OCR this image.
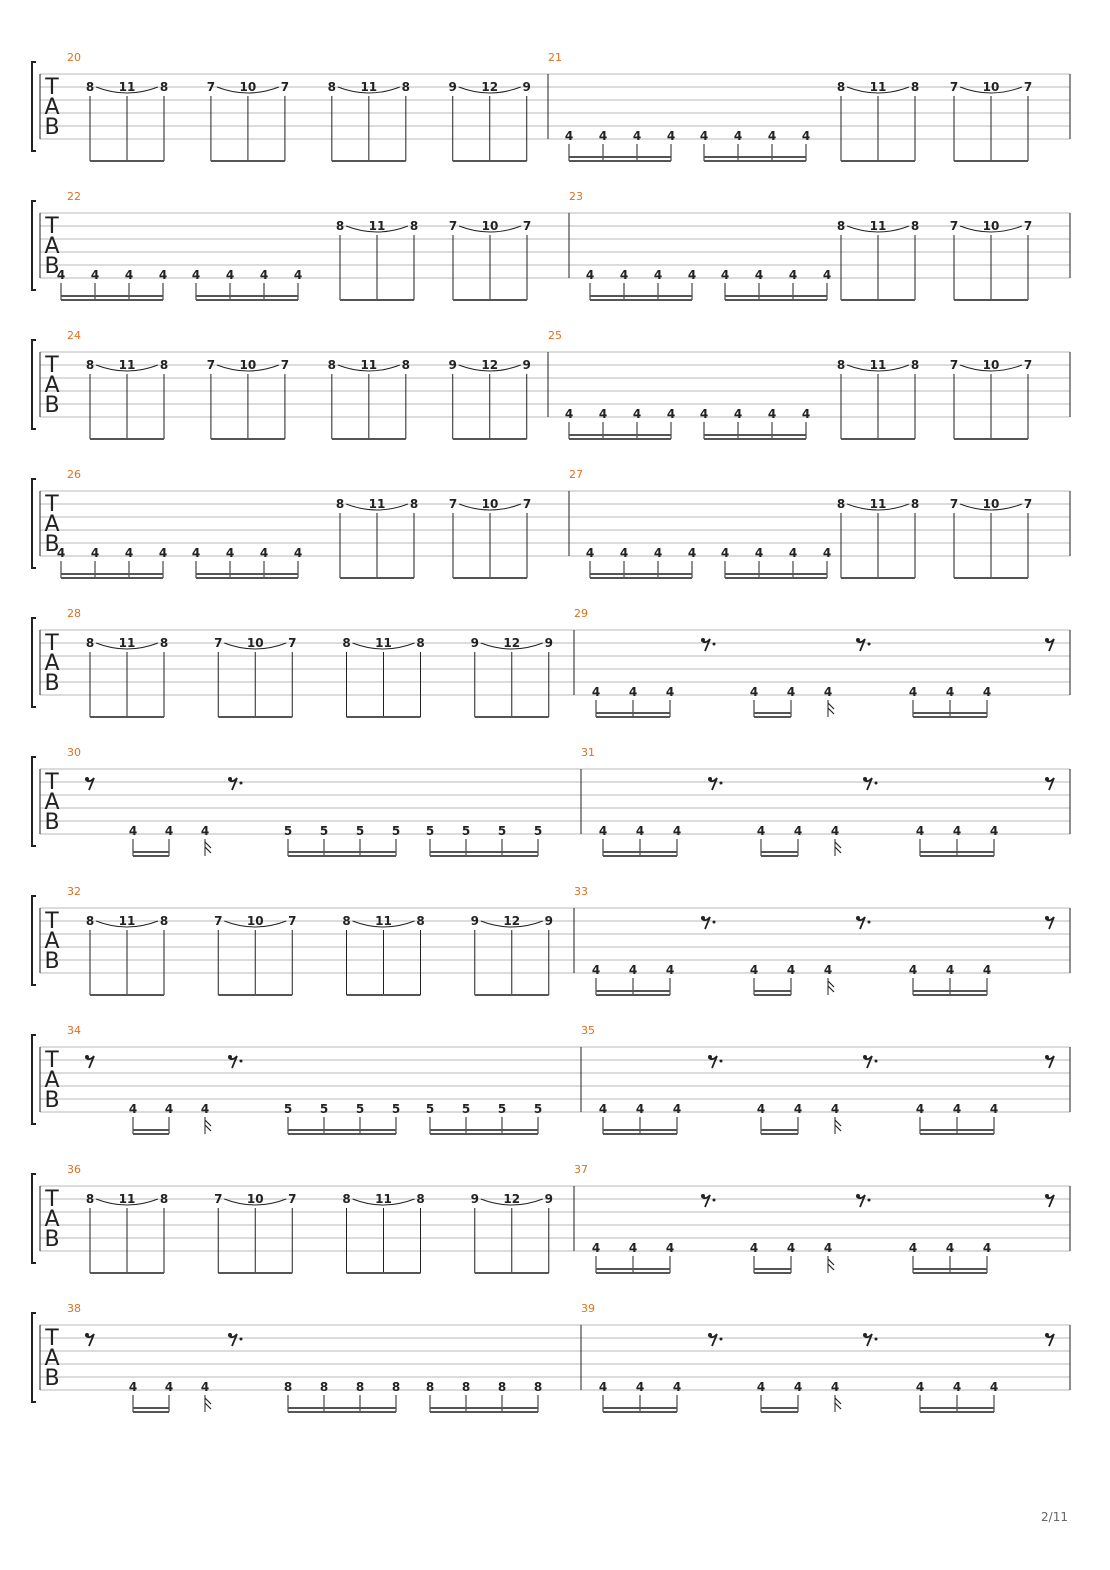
T
A
B
20	21
8 11 8	7 10 7	8 11 8	9 12 9
4 4 4 4 4 4 4 4
8 11 8	7 10 7
T
A
B
22	23
4 4 4 4 4 4 4 4
8 11 8	7 10 7
4 4 4 4 4 4 4 4
8 11 8	7 10 7
T
A
B
24	25
8 11 8	7 10 7	8 11 8	9 12 9
4 4 4 4 4 4 4 4
8 11 8	7 10 7
T
A
B
26	27
4 4 4 4 4 4 4 4
8 11 8	7 10 7
4 4 4 4 4 4 4 4
8 11 8	7 10 7
T
A
B
28	29
8 11 8	7 10 7	8 11 8	9 12 9
4 4 4	4 4 4	4 4 4
T
A
B
30	31
4 4 4	5 5 5 5 5 5 5 5	4 4 4	4 4 4	4 4 4
T
A
B
32	33
8 11 8	7 10 7	8 11 8	9 12 9
4 4 4	4 4 4	4 4 4
T
A
B
34	35
4 4 4	5 5 5 5 5 5 5 5	4 4 4	4 4 4	4 4 4
T
A
B
36	37
8 11 8	7 10 7	8 11 8	9 12 9
4 4 4	4 4 4	4 4 4
T
A
B
38	39
4 4 4	8 8 8 8 8 8 8 8	4 4 4	4 4 4	4 4 4
2/11
